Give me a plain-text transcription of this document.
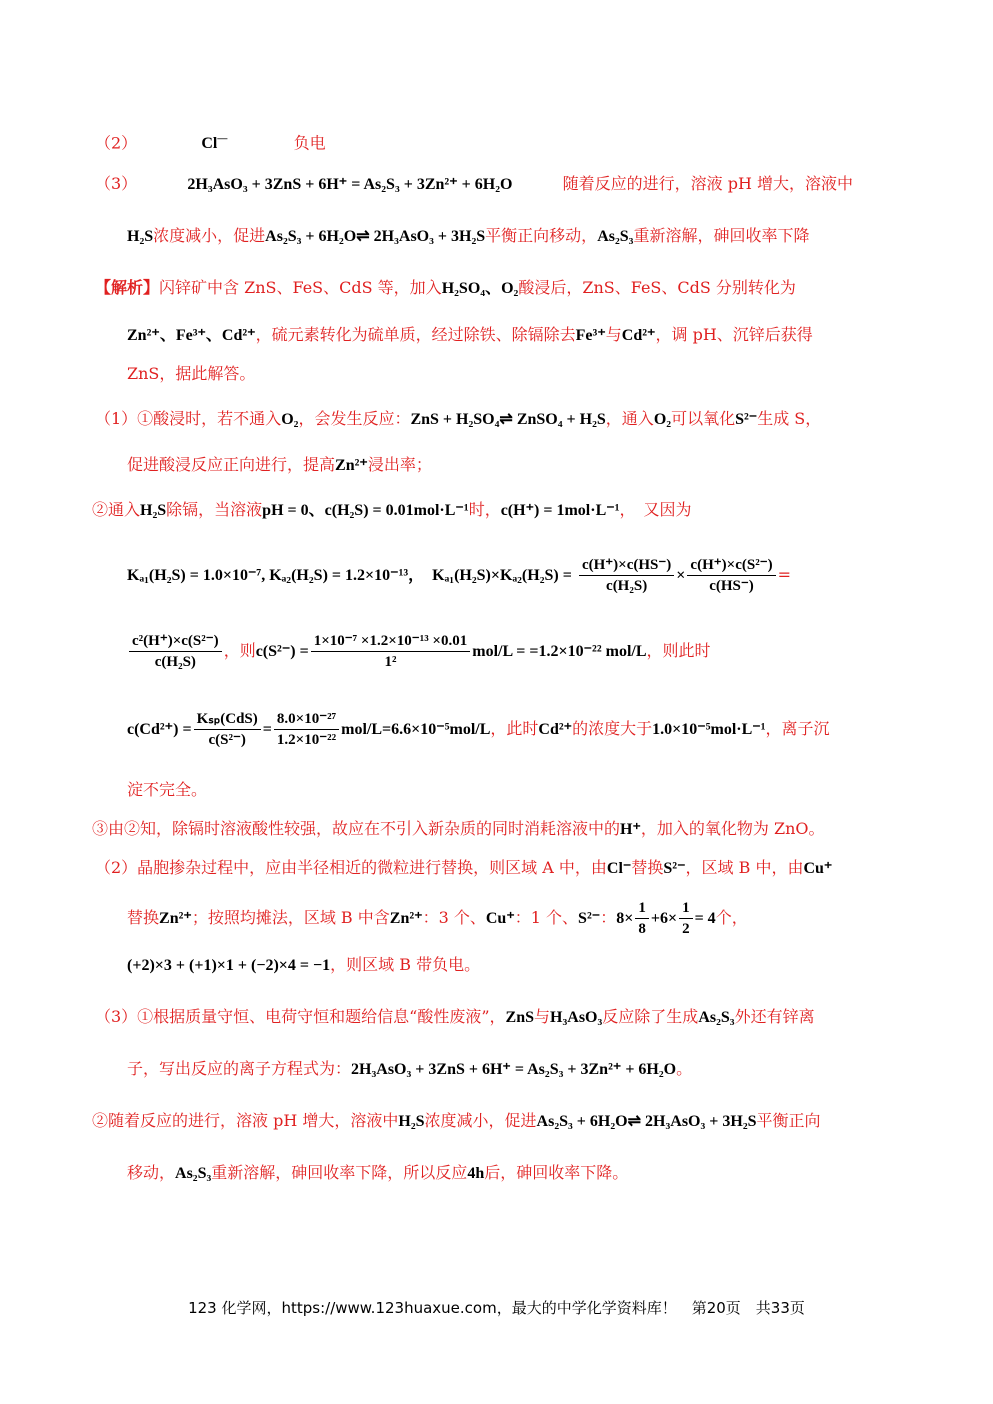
（2）	Cl—	负电
（3）	2H₃AsO₃ + 3ZnS + 6H⁺ = As₂S₃ + 3Zn²⁺ + 6H₂O	随着反应的进行，溶液 pH 增大，溶液中
H₂S浓度减小，促进As₂S₃ + 6H₂O⇌ 2H₃AsO₃ + 3H₂S平衡正向移动，As₂S₃重新溶解，砷回收率下降
【解析】闪锌矿中含 ZnS、FeS、CdS 等，加入H₂SO₄、O₂酸浸后，ZnS、FeS、CdS 分别转化为
Zn²⁺、Fe³⁺、Cd²⁺，硫元素转化为硫单质，经过除铁、除镉除去Fe³⁺与Cd²⁺，调 pH、沉锌后获得
ZnS，据此解答。
（1）①酸浸时，若不通入O₂，会发生反应：ZnS + H₂SO₄⇌ ZnSO₄ + H₂S，通入O₂可以氧化S²⁻生成 S，
促进酸浸反应正向进行，提高Zn²⁺浸出率；
②通入H₂S除镉，当溶液pH = 0、c(H₂S) = 0.01mol·L⁻¹时，c(H⁺) = 1mol·L⁻¹，　又因为
Kₐ₁(H₂S) = 1.0×10⁻⁷, Kₐ₂(H₂S) = 1.2×10⁻¹³，　$K_{a1}(H_2S)\times K_{a2}(H_2S) = \frac{c(H^+)\times c(HS^-)}{\text{c(H₂S)}} \times \frac{\text{c(H⁺)×c(S²⁻)}}{c(HS^-)}$ =
$\frac{\text{c²(H⁺)×c(S²⁻)}}{\text{c(H₂S)}}$ ，则$c(S^{2-}) = \frac{\text{1×10⁻⁷ ×1.2×10⁻¹³ ×0.01}}{\text{1²}} mol/L = =1.2\times 10^{-22}$ mol/L，则此时
$c(Cd^{2+}) = \frac{\text{Kₛₚ(CdS)}}{\text{c(S²⁻)}} = \frac{\text{8.0×10⁻²⁷}}{\text{1.2×10⁻²²}} mol/L=6.6\times 10^{-5}mol/L$，此时Cd²⁺的浓度大于1.0×10⁻⁵mol·L⁻¹，离子沉
淀不完全。
③由②知，除镉时溶液酸性较强，故应在不引入新杂质的同时消耗溶液中的H⁺，加入的氧化物为 ZnO。
（2）晶胞掺杂过程中，应由半径相近的微粒进行替换，则区域 A 中，由Cl⁻替换S²⁻，区域 B 中，由Cu⁺
替换Zn²⁺；按照均摊法，区域 B 中含Zn²⁺：3 个、Cu⁺：1 个、S²⁻：$8\times \frac{1}{8} +6\times \frac{1}{2} = 4$个，
(+2)×3 + (+1)×1 + (−2)×4 = −1，则区域 B 带负电。
（3）①根据质量守恒、电荷守恒和题给信息“酸性废液”，ZnS与H₃AsO₃反应除了生成As₂S₃外还有锌离
子，写出反应的离子方程式为：2H₃AsO₃ + 3ZnS + 6H⁺ = As₂S₃ + 3Zn²⁺ + 6H₂O。
②随着反应的进行，溶液 pH 增大，溶液中H₂S浓度减小，促进As₂S₃ + 6H₂O⇌ 2H₃AsO₃ + 3H₂S平衡正向
移动，As₂S₃重新溶解，砷回收率下降，所以反应4h后，砷回收率下降。
123 化学网，https://www.123huaxue.com，最大的中学化学资料库！　第20页　共33页
